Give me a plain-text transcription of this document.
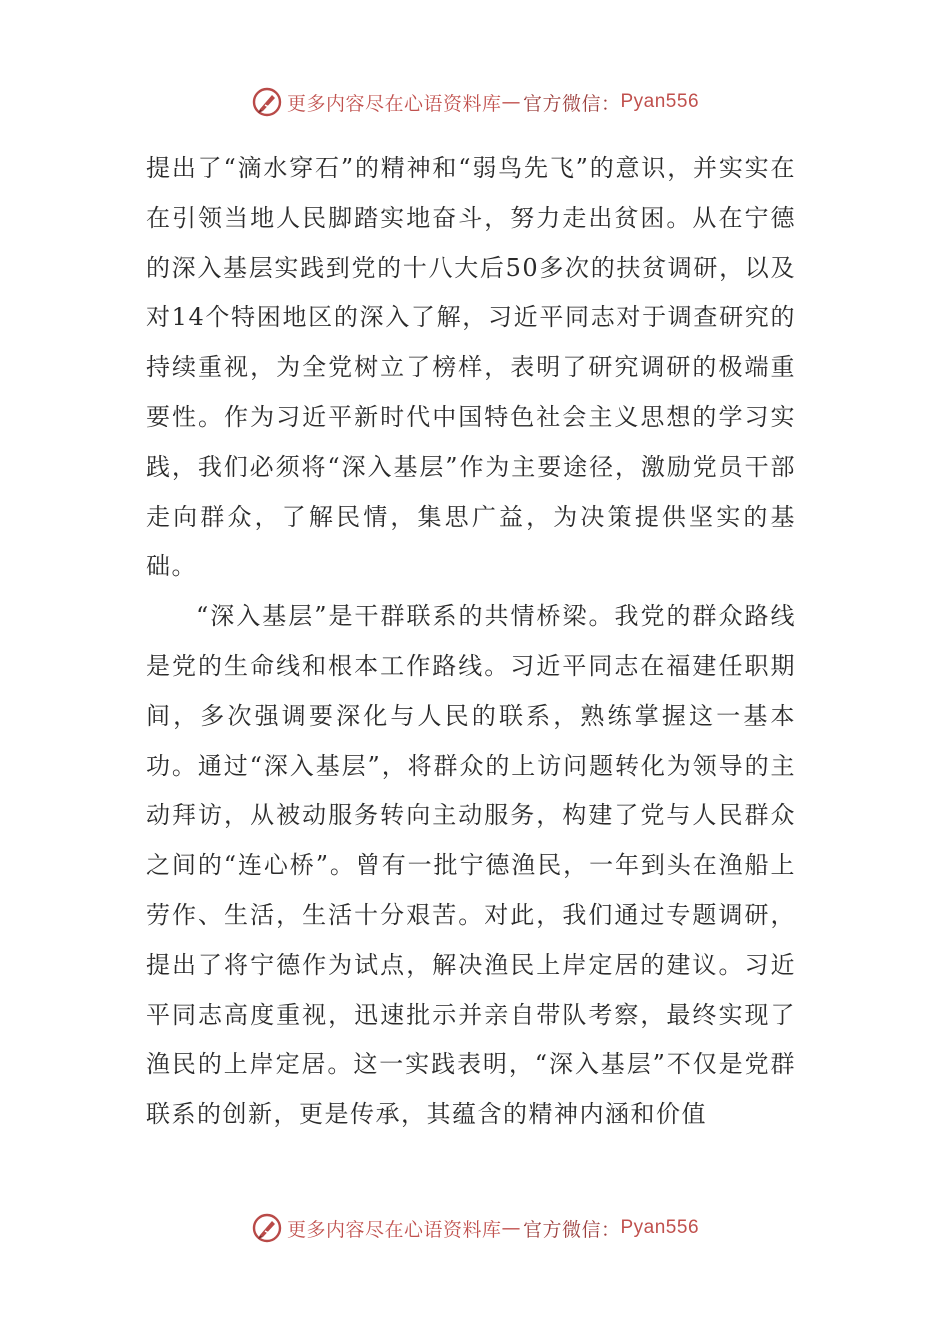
更多内容尽在心语资料库 — 官方微信： Pyan556

提出了“滴水穿石”的精神和“弱鸟先飞”的意识，并实实在在引领当地人民脚踏实地奋斗，努力走出贫困。从在宁德的深入基层实践到党的十八大后50多次的扶贫调研，以及对14个特困地区的深入了解，习近平同志对于调查研究的持续重视，为全党树立了榜样，表明了研究调研的极端重要性。作为习近平新时代中国特色社会主义思想的学习实践，我们必须将“深入基层”作为主要途径，激励党员干部走向群众，了解民情，集思广益，为决策提供坚实的基础。

“深入基层”是干群联系的共情桥梁。我党的群众路线是党的生命线和根本工作路线。习近平同志在福建任职期间，多次强调要深化与人民的联系，熟练掌握这一基本功。通过“深入基层”，将群众的上访问题转化为领导的主动拜访，从被动服务转向主动服务，构建了党与人民群众之间的“连心桥”。曾有一批宁德渔民，一年到头在渔船上劳作、生活，生活十分艰苦。对此，我们通过专题调研，提出了将宁德作为试点，解决渔民上岸定居的建议。习近平同志高度重视，迅速批示并亲自带队考察，最终实现了渔民的上岸定居。这一实践表明，“深入基层”不仅是党群联系的创新，更是传承，其蕴含的精神内涵和价值

更多内容尽在心语资料库 — 官方微信： Pyan556
